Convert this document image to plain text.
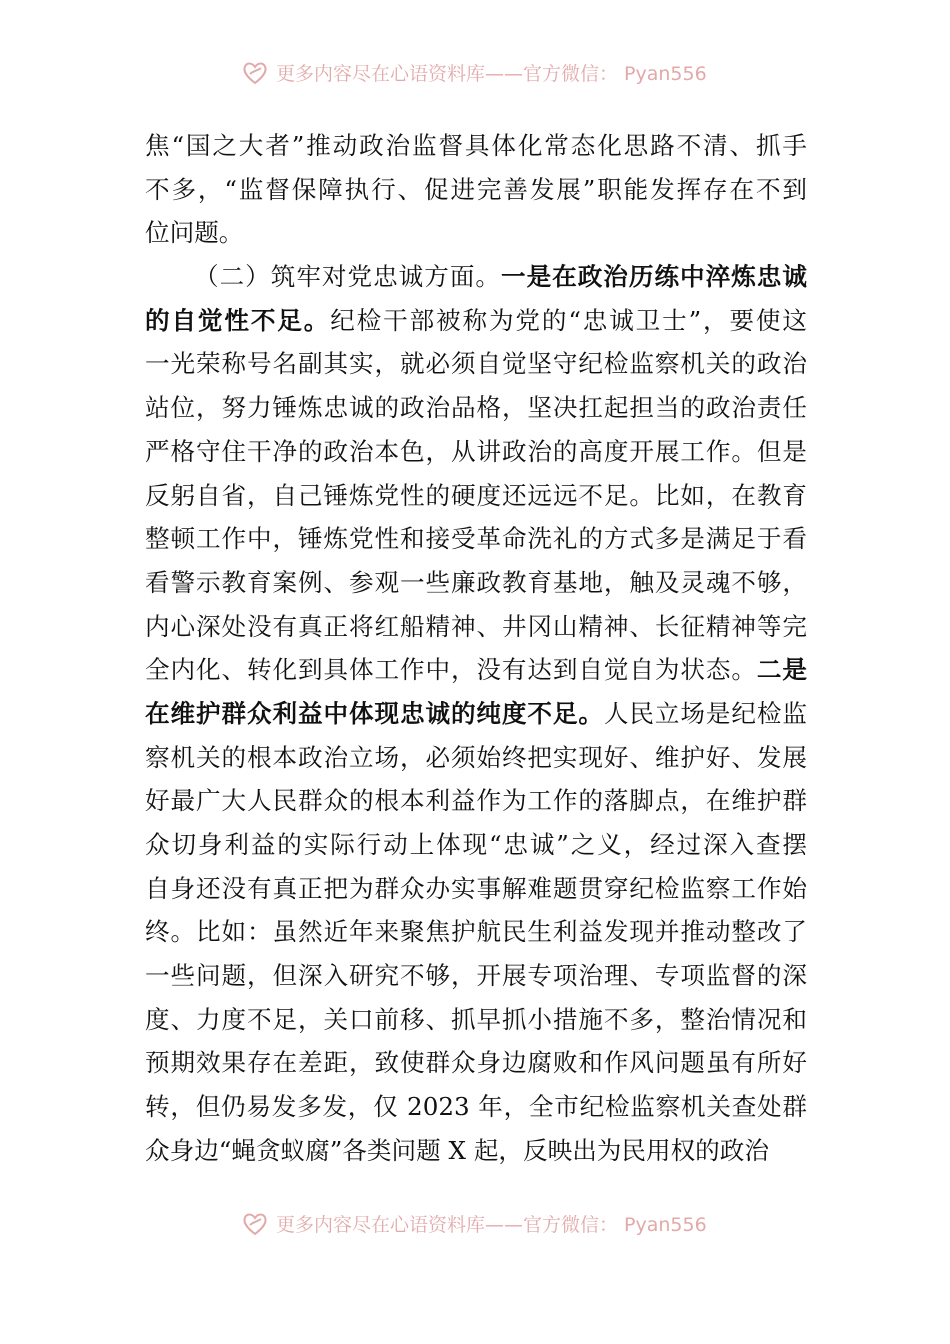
更多内容尽在心语资料库——官方微信： Pyan556
焦“国之大者”推动政治监督具体化常态化思路不清、抓手
不多，“监督保障执行、促进完善发展”职能发挥存在不到
位问题。
（二）筑牢对党忠诚方面。一是在政治历练中淬炼忠诚
的自觉性不足。纪检干部被称为党的“忠诚卫士”，要使这
一光荣称号名副其实，就必须自觉坚守纪检监察机关的政治
站位，努力锤炼忠诚的政治品格，坚决扛起担当的政治责任
严格守住干净的政治本色，从讲政治的高度开展工作。但是
反躬自省，自己锤炼党性的硬度还远远不足。比如，在教育
整顿工作中，锤炼党性和接受革命洗礼的方式多是满足于看
看警示教育案例、参观一些廉政教育基地，触及灵魂不够，
内心深处没有真正将红船精神、井冈山精神、长征精神等完
全内化、转化到具体工作中，没有达到自觉自为状态。二是
在维护群众利益中体现忠诚的纯度不足。人民立场是纪检监
察机关的根本政治立场，必须始终把实现好、维护好、发展
好最广大人民群众的根本利益作为工作的落脚点，在维护群
众切身利益的实际行动上体现“忠诚”之义，经过深入查摆
自身还没有真正把为群众办实事解难题贯穿纪检监察工作始
终。比如：虽然近年来聚焦护航民生利益发现并推动整改了
一些问题，但深入研究不够，开展专项治理、专项监督的深
度、力度不足，关口前移、抓早抓小措施不多，整治情况和
预期效果存在差距，致使群众身边腐败和作风问题虽有所好
转，但仍易发多发，仅 2023 年，全市纪检监察机关查处群
众身边“蝇贪蚁腐”各类问题 X 起，反映出为民用权的政治
更多内容尽在心语资料库——官方微信： Pyan556
